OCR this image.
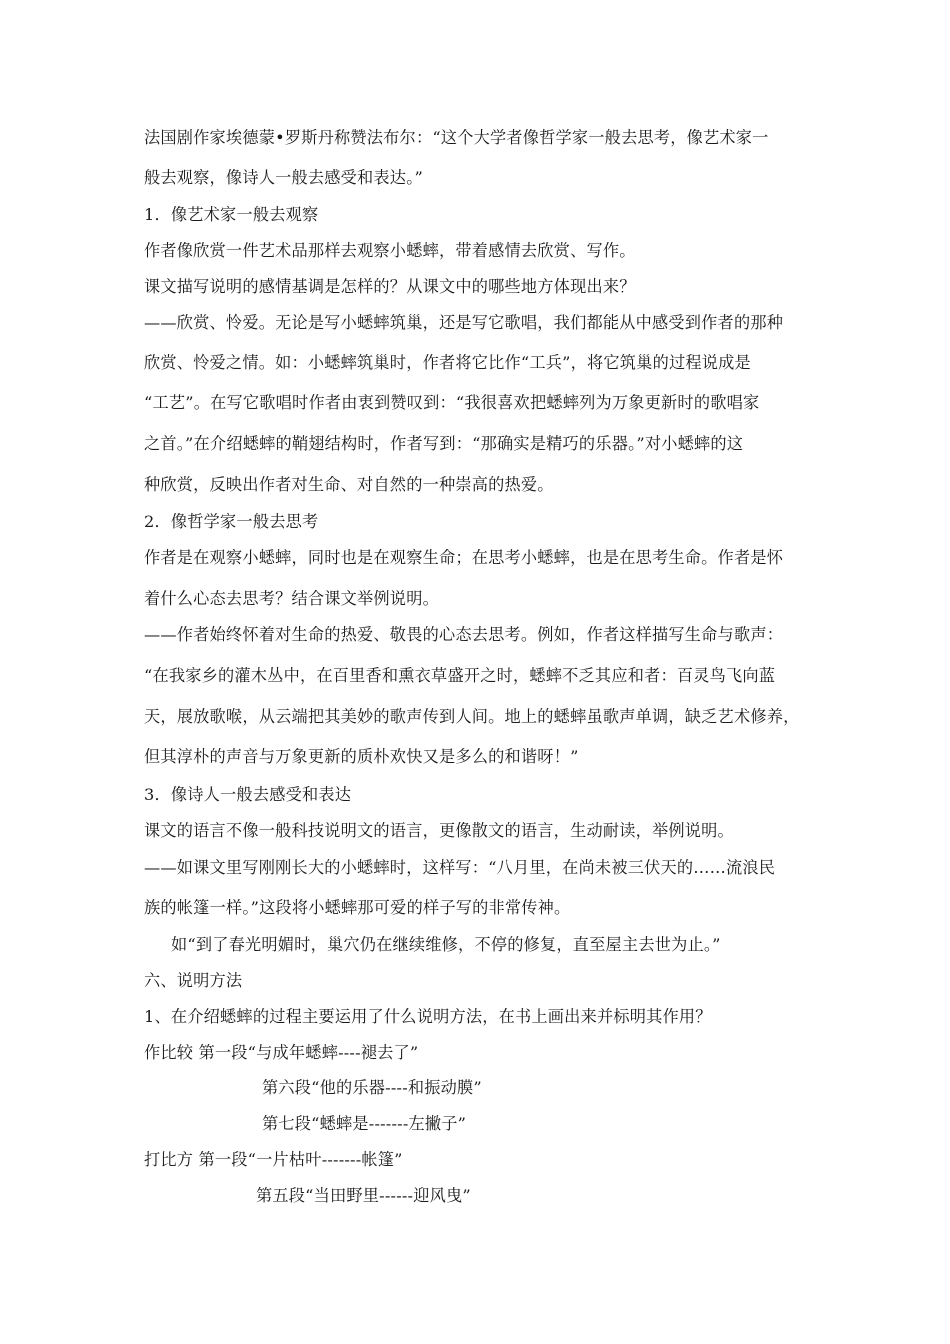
法国剧作家埃德蒙•罗斯丹称赞法布尔：“这个大学者像哲学家一般去思考，像艺术家一
般去观察，像诗人一般去感受和表达。”
1．像艺术家一般去观察
作者像欣赏一件艺术品那样去观察小蟋蟀，带着感情去欣赏、写作。
课文描写说明的感情基调是怎样的？从课文中的哪些地方体现出来？
——欣赏、怜爱。无论是写小蟋蟀筑巢，还是写它歌唱，我们都能从中感受到作者的那种
欣赏、怜爱之情。如：小蟋蟀筑巢时，作者将它比作“工兵”，将它筑巢的过程说成是
“工艺”。在写它歌唱时作者由衷到赞叹到：“我很喜欢把蟋蟀列为万象更新时的歌唱家
之首。”在介绍蟋蟀的鞘翅结构时，作者写到：“那确实是精巧的乐器。”对小蟋蟀的这
种欣赏，反映出作者对生命、对自然的一种崇高的热爱。
2．像哲学家一般去思考
作者是在观察小蟋蟀，同时也是在观察生命；在思考小蟋蟀，也是在思考生命。作者是怀
着什么心态去思考？结合课文举例说明。
——作者始终怀着对生命的热爱、敬畏的心态去思考。例如，作者这样描写生命与歌声：
“在我家乡的灌木丛中，在百里香和熏衣草盛开之时，蟋蟀不乏其应和者：百灵鸟飞向蓝
天，展放歌喉，从云端把其美妙的歌声传到人间。地上的蟋蟀虽歌声单调，缺乏艺术修养，
但其淳朴的声音与万象更新的质朴欢快又是多么的和谐呀！”
3．像诗人一般去感受和表达
课文的语言不像一般科技说明文的语言，更像散文的语言，生动耐读，举例说明。
——如课文里写刚刚长大的小蟋蟀时，这样写：“八月里，在尚未被三伏天的……流浪民
族的帐篷一样。”这段将小蟋蟀那可爱的样子写的非常传神。
如“到了春光明媚时，巢穴仍在继续维修，不停的修复，直至屋主去世为止。”
六、说明方法
1、在介绍蟋蟀的过程主要运用了什么说明方法，在书上画出来并标明其作用？
作比较 第一段“与成年蟋蟀----褪去了”
第六段“他的乐器----和振动膜”
第七段“蟋蟀是-------左撇子”
打比方 第一段“一片枯叶-------帐篷”
第五段“当田野里------迎风曳”
